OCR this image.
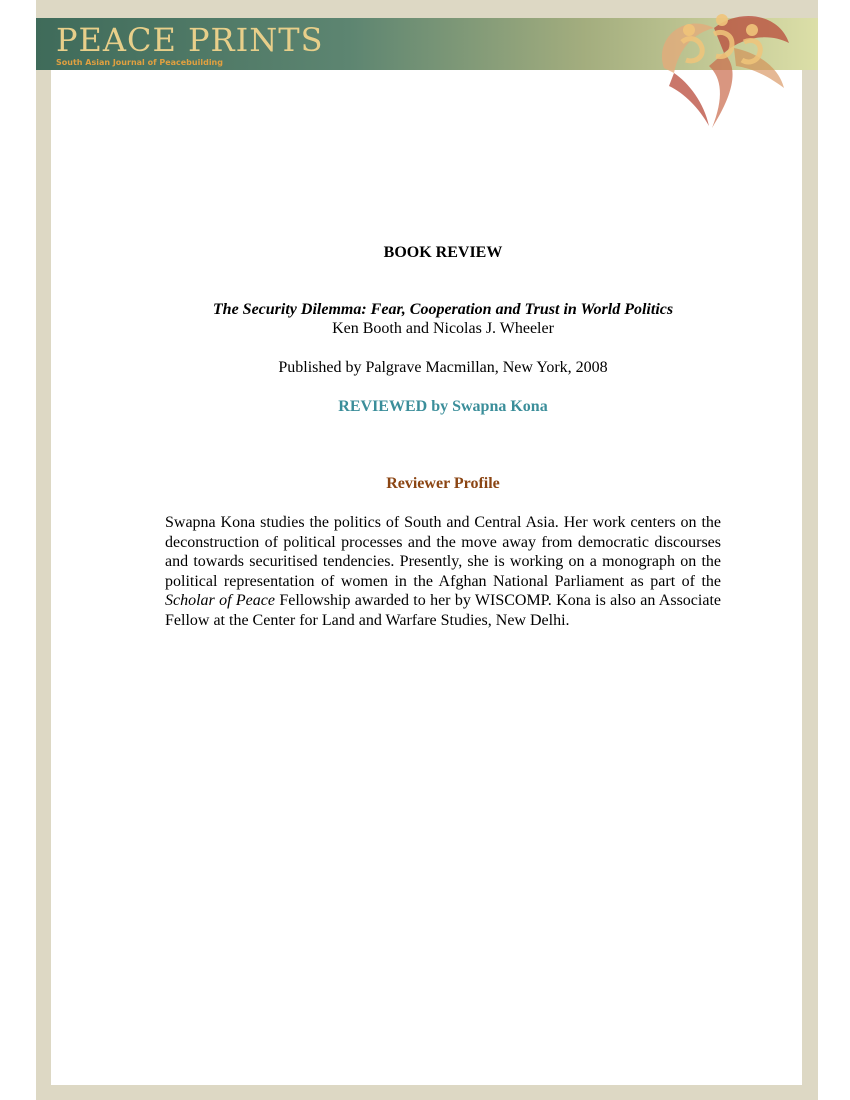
PEACE PRINTS
South Asian Journal of Peacebuilding
BOOK REVIEW
The Security Dilemma: Fear, Cooperation and Trust in World Politics
Ken Booth and Nicolas J. Wheeler
Published by Palgrave Macmillan, New York, 2008
REVIEWED by Swapna Kona
Reviewer Profile
Swapna Kona studies the politics of South and Central Asia. Her work centers on the deconstruction of political processes and the move away from democratic discourses and towards securitised tendencies. Presently, she is working on a monograph on the political representation of women in the Afghan National Parliament as part of the Scholar of Peace Fellowship awarded to her by WISCOMP. Kona is also an Associate Fellow at the Center for Land and Warfare Studies, New Delhi.
